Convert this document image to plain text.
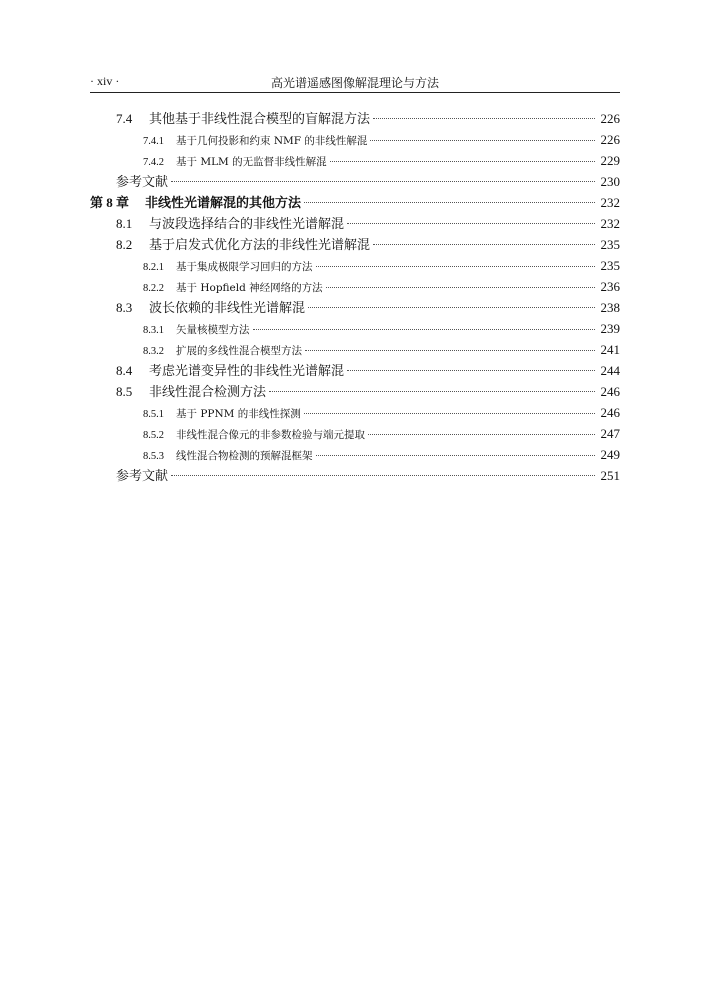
· xiv ·	高光谱遥感图像解混理论与方法
7.4	其他基于非线性混合模型的盲解混方法	226
7.4.1	基于几何投影和约束 NMF 的非线性解混	226
7.4.2	基于 MLM 的无监督非线性解混	229
参考文献	230
第 8 章	非线性光谱解混的其他方法	232
8.1	与波段选择结合的非线性光谱解混	232
8.2	基于启发式优化方法的非线性光谱解混	235
8.2.1	基于集成极限学习回归的方法	235
8.2.2	基于 Hopfield 神经网络的方法	236
8.3	波长依赖的非线性光谱解混	238
8.3.1	矢量核模型方法	239
8.3.2	扩展的多线性混合模型方法	241
8.4	考虑光谱变异性的非线性光谱解混	244
8.5	非线性混合检测方法	246
8.5.1	基于 PPNM 的非线性探测	246
8.5.2	非线性混合像元的非参数检验与端元提取	247
8.5.3	线性混合物检测的预解混框架	249
参考文献	251
